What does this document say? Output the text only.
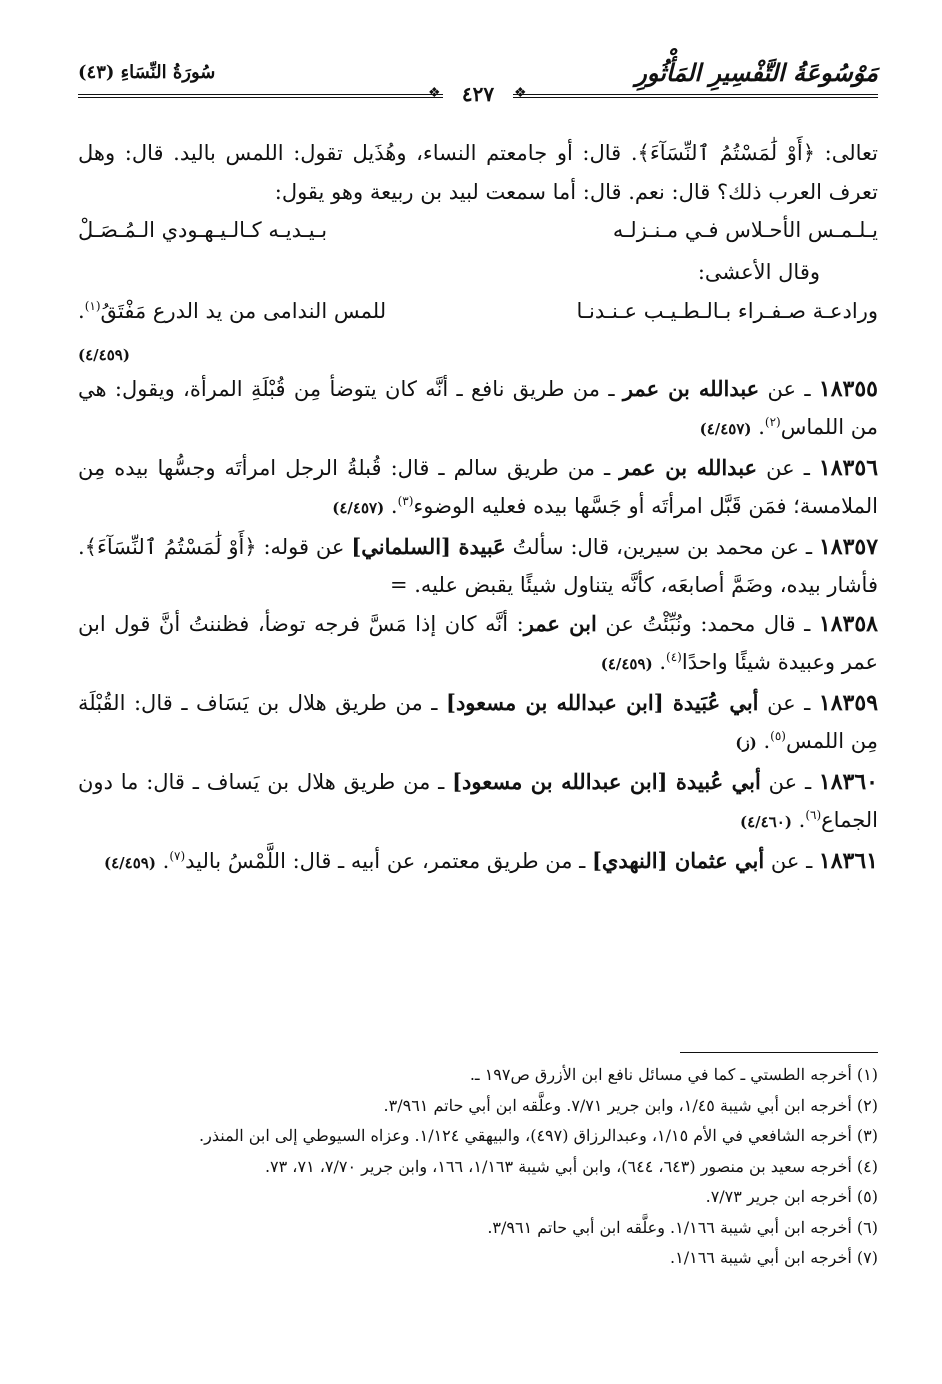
مَوْسُوعَةُ التَّفْسِيرِ المَأْثُورِ
سُورَةُ النِّسَاءِ (٤٣)
❖	❖
٤٢٧

تعالى: ﴿أَوْ لَٰمَسْتُمُ ٱلنِّسَآءَ﴾. قال: أو جامعتم النساء، وهُذَيل تقول: اللمس باليد. قال: وهل تعرف العرب ذلك؟ قال: نعم. قال: أما سمعت لبيد بن ربيعة وهو يقول:

يـلـمـس الأحـلاس فـي مـنـزلـه
بـيـديـه كـالـيـهـودي الـمُـصَـلْ

وقال الأعشى:

ورادعـة صـفـراء بـالـطـيـب عـنـدنـا
للمس الندامى من يد الدرع مَفْتَقُ$^{(١)}$.
(٤/٤٥٩)

١٨٣٥٥ ـ عن عبدالله بن عمر ـ من طريق نافع ـ أنَّه كان يتوضأ مِن قُبْلَةِ المرأة، ويقول: هي من اللماس$^{(٢)}$. (٤/٤٥٧)

١٨٣٥٦ ـ عن عبدالله بن عمر ـ من طريق سالم ـ قال: قُبلةُ الرجل امرأتَه وجسُّها بيده مِن الملامسة؛ فمَن قَبَّل امرأتَه أو جَسَّها بيده فعليه الوضوء$^{(٣)}$. (٤/٤٥٧)

١٨٣٥٧ ـ عن محمد بن سيرين، قال: سألتُ عَبيدة [السلماني] عن قوله: ﴿أَوْ لَٰمَسْتُمُ ٱلنِّسَآءَ﴾. فأشار بيده، وضَمَّ أصابعَه، كأنَّه يتناول شيئًا يقبض عليه. =

١٨٣٥٨ ـ قال محمد: ونُبِّئْتُ عن ابن عمر: أنَّه كان إذا مَسَّ فرجه توضأ، فظننتُ أنَّ قول ابن عمر وعبيدة شيئًا واحدًا$^{(٤)}$. (٤/٤٥٩)

١٨٣٥٩ ـ عن أبي عُبَيدة [ابن عبدالله بن مسعود] ـ من طريق هلال بن يَسَاف ـ قال: القُبْلَة مِن اللمس$^{(٥)}$. (ز)

١٨٣٦٠ ـ عن أبي عُبيدة [ابن عبدالله بن مسعود] ـ من طريق هلال بن يَساف ـ قال: ما دون الجماع$^{(٦)}$. (٤/٤٦٠)

١٨٣٦١ ـ عن أبي عثمان [النهدي] ـ من طريق معتمر، عن أبيه ـ قال: اللَّمْسُ باليد$^{(٧)}$. (٤/٤٥٩)

(١) أخرجه الطستي ـ كما في مسائل نافع ابن الأزرق ص١٩٧ ـ.

(٢) أخرجه ابن أبي شيبة ١/٤٥، وابن جرير ٧/٧١. وعلَّقه ابن أبي حاتم ٣/٩٦١.

(٣) أخرجه الشافعي في الأم ١/١٥، وعبدالرزاق (٤٩٧)، والبيهقي ١/١٢٤. وعزاه السيوطي إلى ابن المنذر.

(٤) أخرجه سعيد بن منصور (٦٤٣، ٦٤٤)، وابن أبي شيبة ١/١٦٣، ١٦٦، وابن جرير ٧/٧٠، ٧١، ٧٣.

(٥) أخرجه ابن جرير ٧/٧٣.

(٦) أخرجه ابن أبي شيبة ١/١٦٦. وعلَّقه ابن أبي حاتم ٣/٩٦١.

(٧) أخرجه ابن أبي شيبة ١/١٦٦.
